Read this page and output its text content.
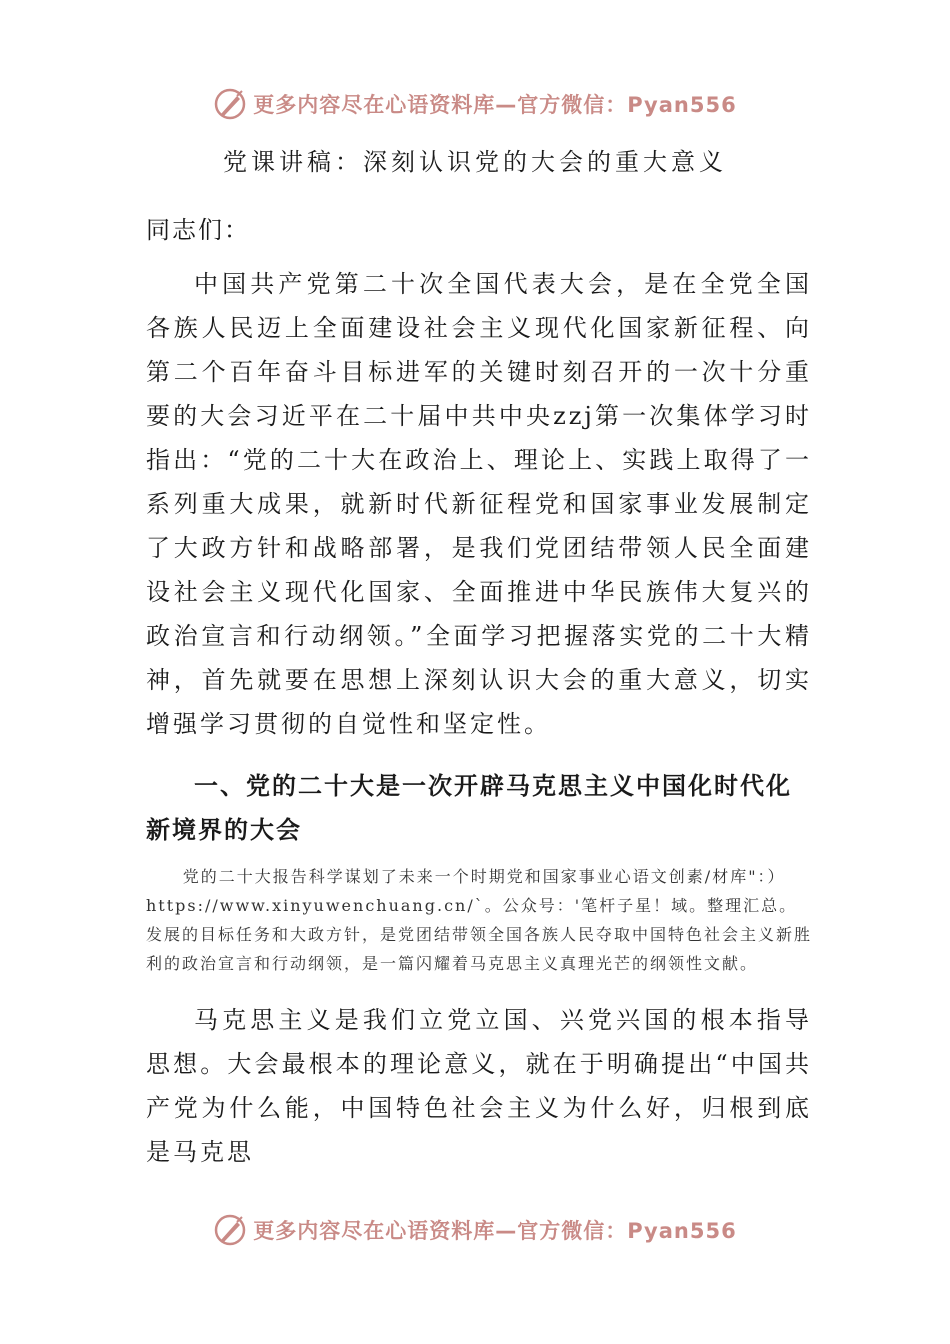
更多内容尽在心语资料库—官方微信：Pyan556
党课讲稿：深刻认识党的大会的重大意义

同志们：

中国共产党第二十次全国代表大会，是在全党全国各族人民迈上全面建设社会主义现代化国家新征程、向第二个百年奋斗目标进军的关键时刻召开的一次十分重要的大会习近平在二十届中共中央zzj第一次集体学习时指出：“党的二十大在政治上、理论上、实践上取得了一系列重大成果，就新时代新征程党和国家事业发展制定了大政方针和战略部署，是我们党团结带领人民全面建设社会主义现代化国家、全面推进中华民族伟大复兴的政治宣言和行动纲领。”全面学习把握落实党的二十大精神，首先就要在思想上深刻认识大会的重大意义，切实增强学习贯彻的自觉性和坚定性。

一、党的二十大是一次开辟马克思主义中国化时代化新境界的大会

党的二十大报告科学谋划了未来一个时期党和国家事业心语文创素/材库"：）https://www.xinyuwenchuang.cn/`。公众号：'笔杆子星！域。整理汇总。发展的目标任务和大政方针，是党团结带领全国各族人民夺取中国特色社会主义新胜利的政治宣言和行动纲领，是一篇闪耀着马克思主义真理光芒的纲领性文献。

马克思主义是我们立党立国、兴党兴国的根本指导思想。大会最根本的理论意义，就在于明确提出“中国共产党为什么能，中国特色社会主义为什么好，归根到底是马克思

更多内容尽在心语资料库—官方微信：Pyan556
